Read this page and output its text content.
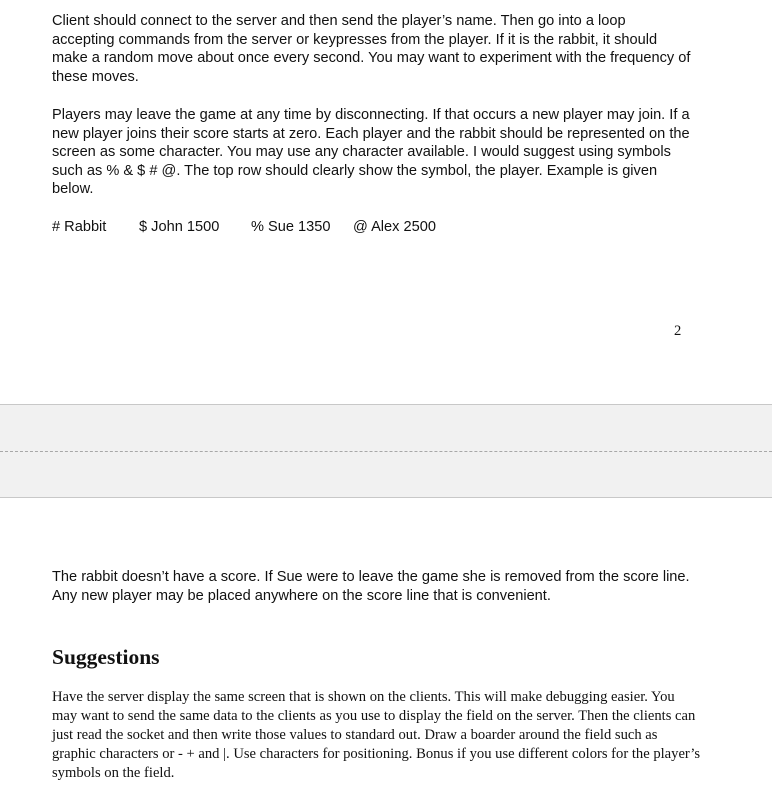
Client should connect to the server and then send the player’s name. Then go into a loop accepting commands from the server or keypresses from the player. If it is the rabbit, it should make a random move about once every second. You may want to experiment with the frequency of these moves.

Players may leave the game at any time by disconnecting. If that occurs a new player may join. If a new player joins their score starts at zero. Each player and the rabbit should be represented on the screen as some character. You may use any character available. I would suggest using symbols such as % & $ # @. The top row should clearly show the symbol, the player. Example is given below.

# Rabbit $ John 1500 % Sue 1350 @ Alex 2500
2

The rabbit doesn’t have a score. If Sue were to leave the game she is removed from the score line. Any new player may be placed anywhere on the score line that is convenient.

Suggestions

Have the server display the same screen that is shown on the clients. This will make debugging easier. You may want to send the same data to the clients as you use to display the field on the server. Then the clients can just read the socket and then write those values to standard out. Draw a boarder around the field such as graphic characters or - + and |. Use characters for positioning. Bonus if you use different colors for the player’s symbols on the field.
